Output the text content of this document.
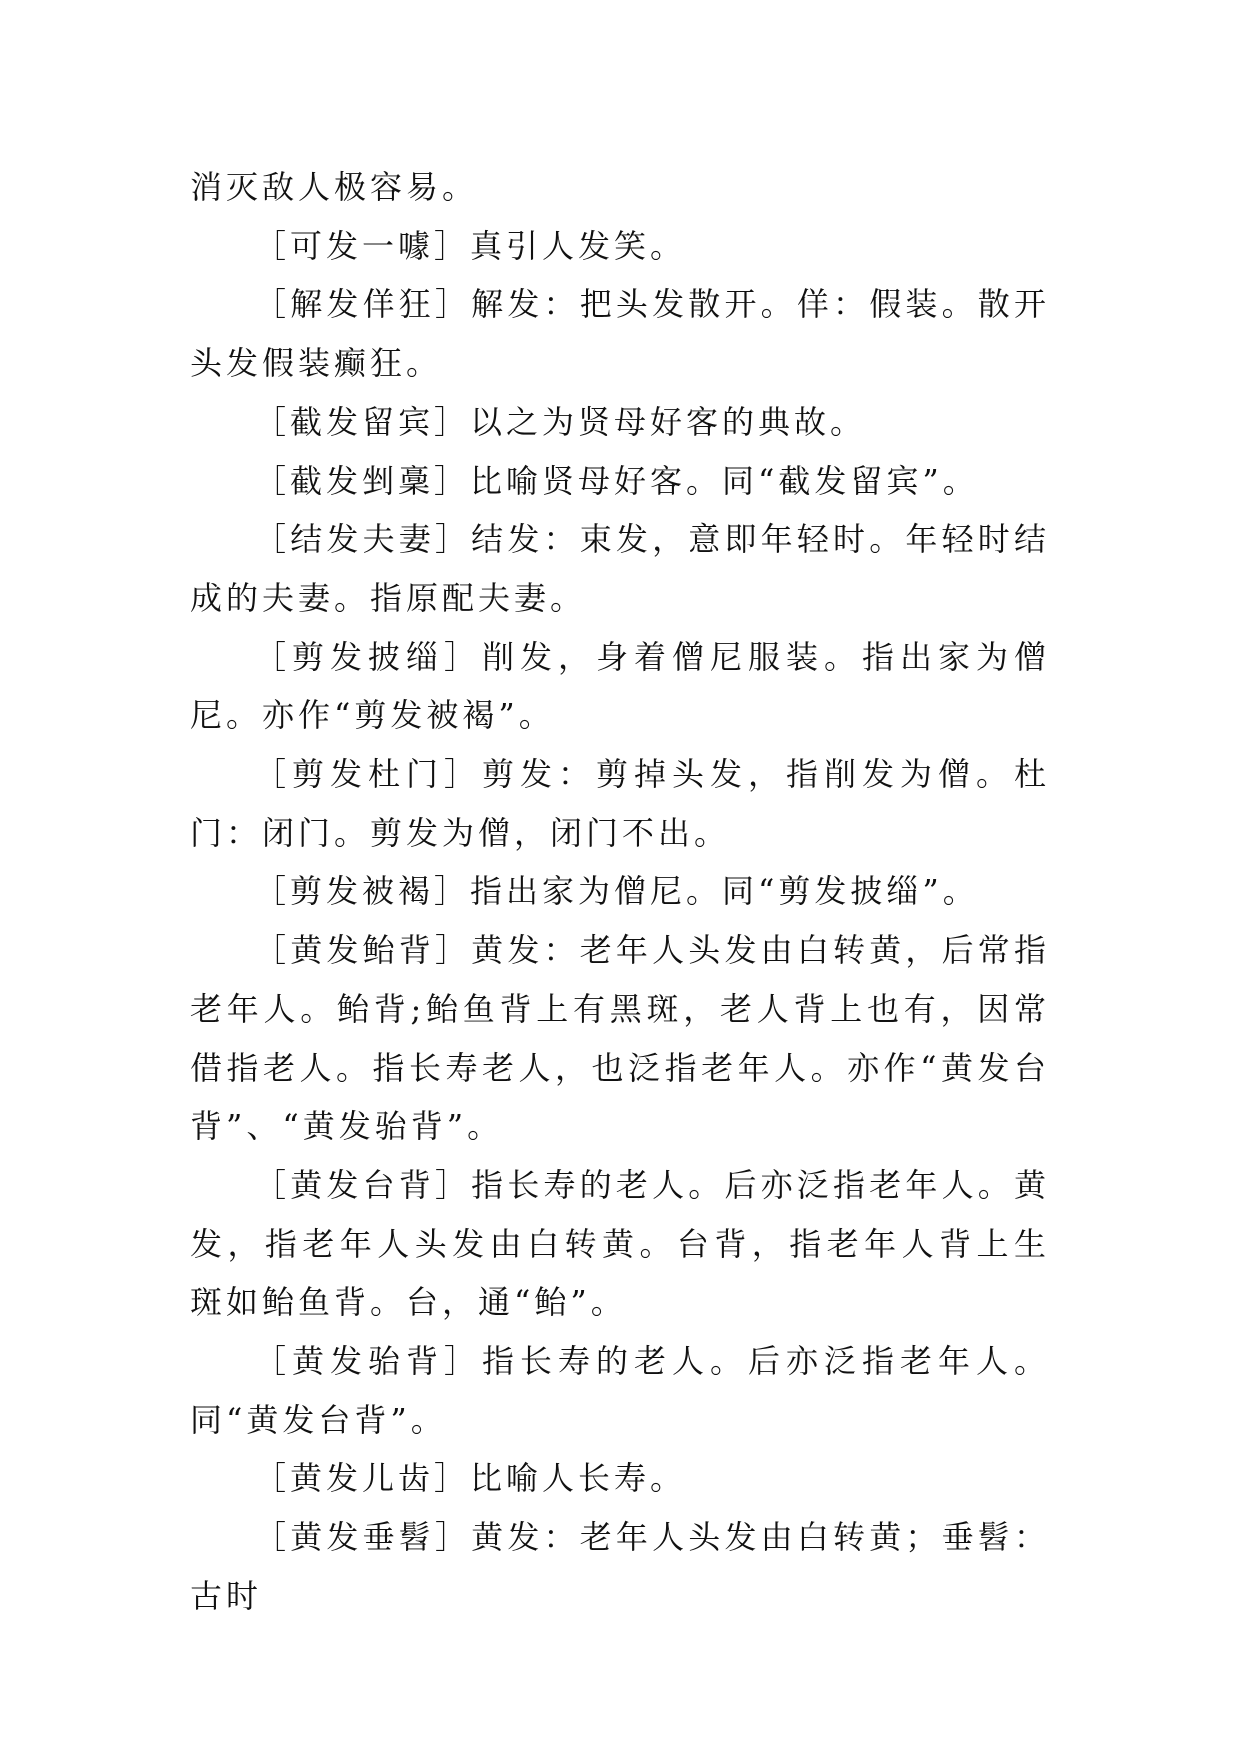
消灭敌人极容易。

［可发一噱］真引人发笑。

［解发佯狂］解发：把头发散开。佯：假装。散开头发假装癫狂。

［截发留宾］以之为贤母好客的典故。

［截发剉稾］比喻贤母好客。同“截发留宾”。

［结发夫妻］结发：束发，意即年轻时。年轻时结成的夫妻。指原配夫妻。

［剪发披缁］削发，身着僧尼服装。指出家为僧尼。亦作“剪发被褐”。

［剪发杜门］剪发：剪掉头发，指削发为僧。杜门：闭门。剪发为僧，闭门不出。

［剪发被褐］指出家为僧尼。同“剪发披缁”。

［黄发鲐背］黄发：老年人头发由白转黄，后常指老年人。鲐背;鲐鱼背上有黑斑，老人背上也有，因常借指老人。指长寿老人，也泛指老年人。亦作“黄发台背”、“黄发骀背”。

［黄发台背］指长寿的老人。后亦泛指老年人。黄发，指老年人头发由白转黄。台背，指老年人背上生斑如鲐鱼背。台，通“鲐”。

［黄发骀背］指长寿的老人。后亦泛指老年人。同“黄发台背”。

［黄发儿齿］比喻人长寿。

［黄发垂髫］黄发：老年人头发由白转黄；垂髫：古时
